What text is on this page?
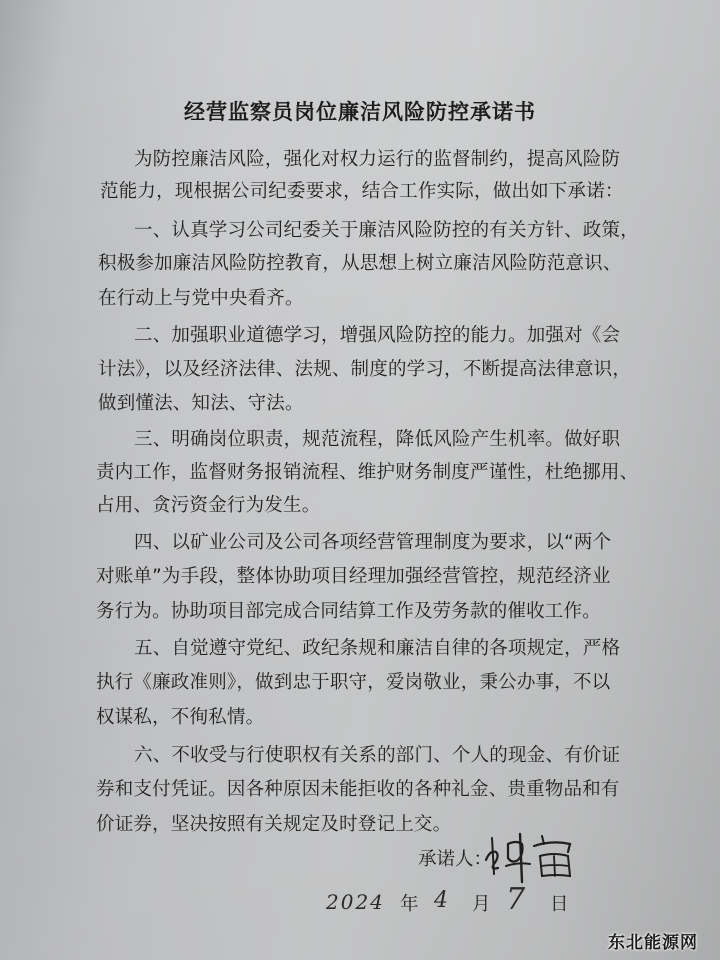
经营监察员岗位廉洁风险防控承诺书

为防控廉洁风险，强化对权力运行的监督制约，提高风险防

范能力，现根据公司纪委要求，结合工作实际，做出如下承诺：

一、认真学习公司纪委关于廉洁风险防控的有关方针、政策，

积极参加廉洁风险防控教育，从思想上树立廉洁风险防范意识、

在行动上与党中央看齐。

二、加强职业道德学习，增强风险防控的能力。加强对《会

计法》，以及经济法律、法规、制度的学习，不断提高法律意识，

做到懂法、知法、守法。

三、明确岗位职责，规范流程，降低风险产生机率。做好职

责内工作，监督财务报销流程、维护财务制度严谨性，杜绝挪用、

占用、贪污资金行为发生。

四、以矿业公司及公司各项经营管理制度为要求，以“两个

对账单”为手段，整体协助项目经理加强经营管控，规范经济业

务行为。协助项目部完成合同结算工作及劳务款的催收工作。

五、自觉遵守党纪、政纪条规和廉洁自律的各项规定，严格

执行《廉政准则》，做到忠于职守，爱岗敬业，秉公办事，不以

权谋私，不徇私情。

六、不收受与行使职权有关系的部门、个人的现金、有价证

券和支付凭证。因各种原因未能拒收的各种礼金、贵重物品和有

价证券，坚决按照有关规定及时登记上交。

承诺人：
2024 年 4 月 7 日
东北能源网
